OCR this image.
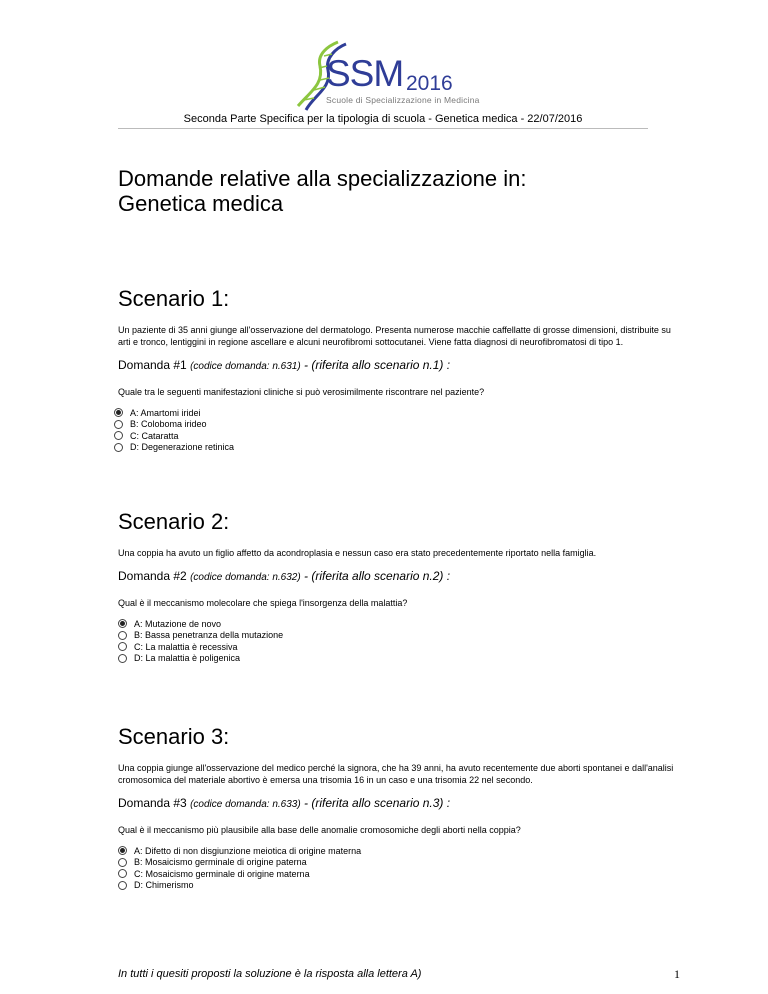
SSM 2016
Scuole di Specializzazione in Medicina
Seconda Parte Specifica per la tipologia di scuola - Genetica medica - 22/07/2016
Domande relative alla specializzazione in:
Genetica medica
Scenario 1:
Un paziente di 35 anni giunge all'osservazione del dermatologo. Presenta numerose macchie caffellatte di grosse dimensioni, distribuite su arti e tronco, lentiggini in regione ascellare e alcuni neurofibromi sottocutanei. Viene fatta diagnosi di neurofibromatosi di tipo 1.
Domanda #1 (codice domanda: n.631) - (riferita allo scenario n.1) :
Quale tra le seguenti manifestazioni cliniche si può verosimilmente riscontrare nel paziente?
A: Amartomi iridei
B: Coloboma irideo
C: Cataratta
D: Degenerazione retinica
Scenario 2:
Una coppia ha avuto un figlio affetto da acondroplasia e nessun caso era stato precedentemente riportato nella famiglia.
Domanda #2 (codice domanda: n.632) - (riferita allo scenario n.2) :
Qual è il meccanismo molecolare che spiega l'insorgenza della malattia?
A: Mutazione de novo
B: Bassa penetranza della mutazione
C: La malattia è recessiva
D: La malattia è poligenica
Scenario 3:
Una coppia giunge all'osservazione del medico perché la signora, che ha 39 anni, ha avuto recentemente due aborti spontanei e dall'analisi cromosomica del materiale abortivo è emersa una trisomia 16 in un caso e una trisomia 22 nel secondo.
Domanda #3 (codice domanda: n.633) - (riferita allo scenario n.3) :
Qual è il meccanismo più plausibile alla base delle anomalie cromosomiche degli aborti nella coppia?
A: Difetto di non disgiunzione meiotica di origine materna
B: Mosaicismo germinale di origine paterna
C: Mosaicismo germinale di origine materna
D: Chimerismo
In tutti i quesiti proposti la soluzione è la risposta alla lettera A)	1
